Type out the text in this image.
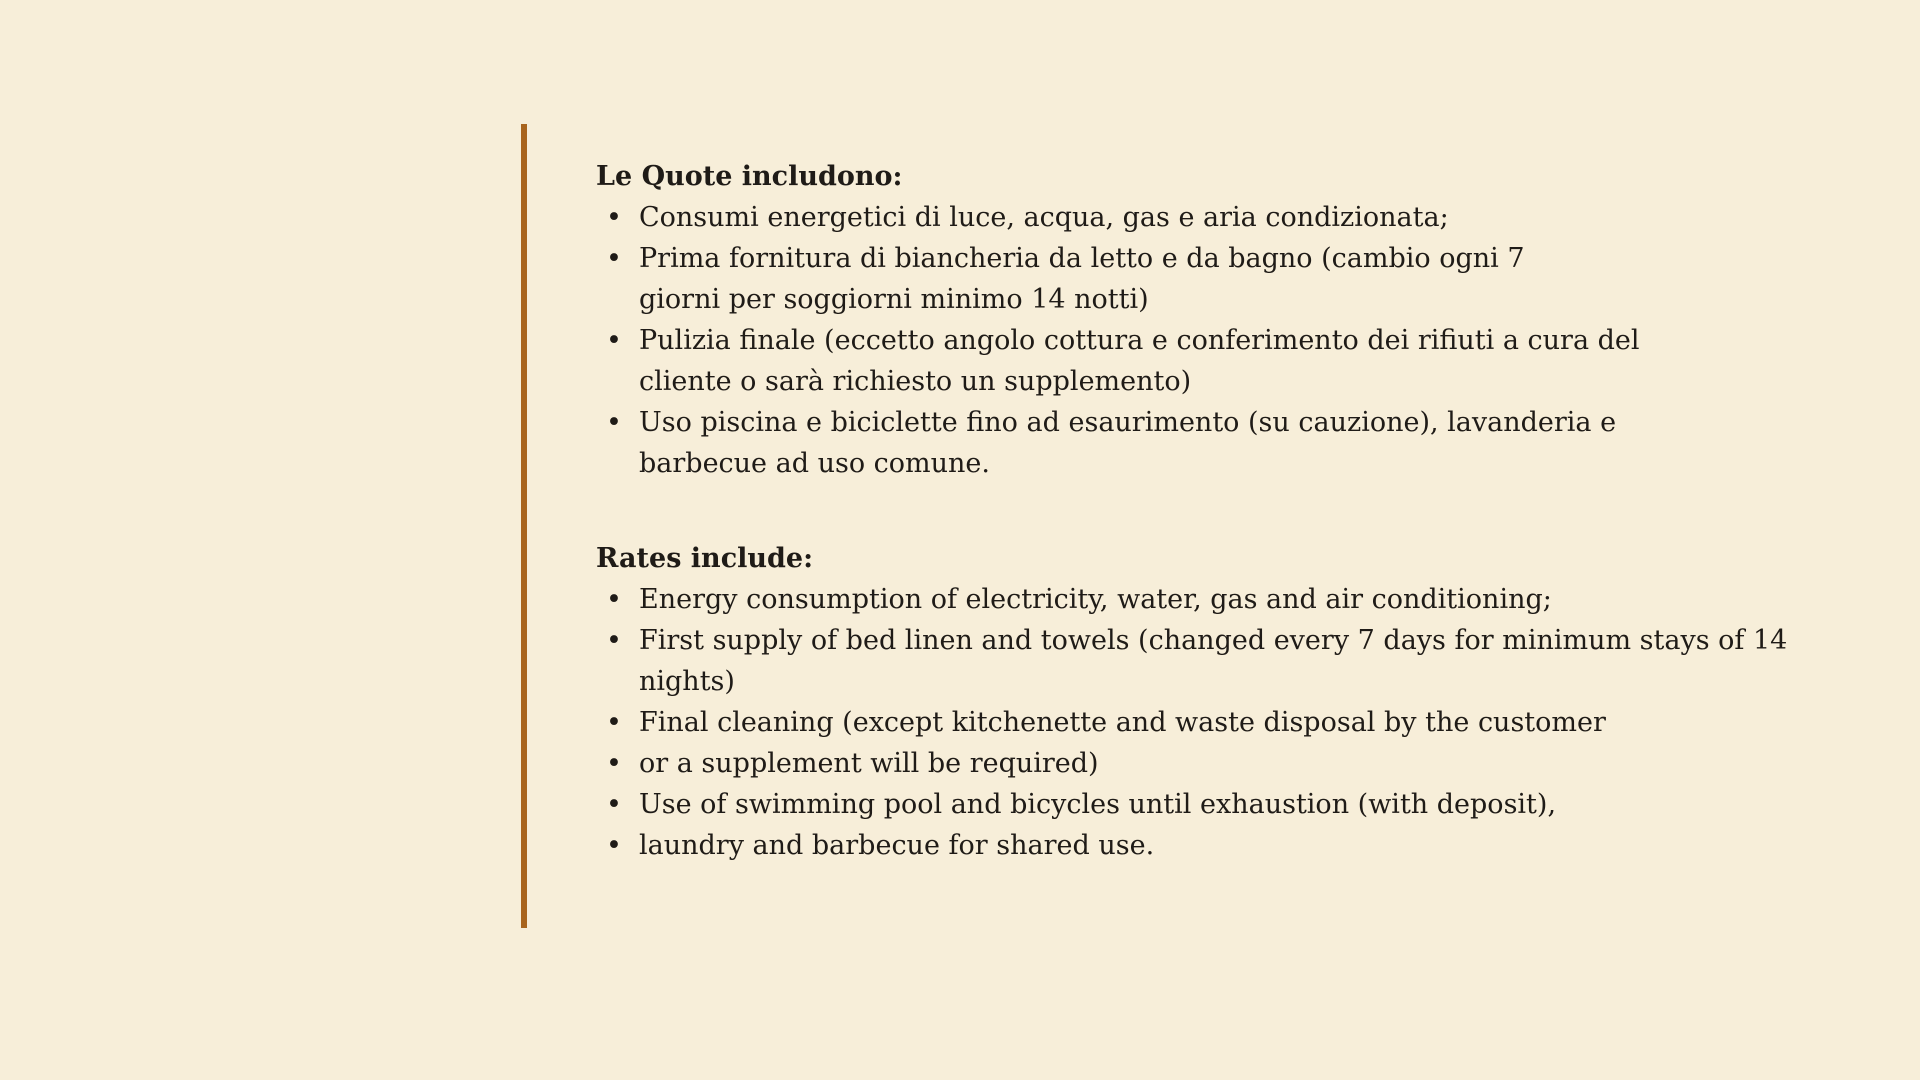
Le Quote includono:

• Consumi energetici di luce, acqua, gas e aria condizionata;
• Prima fornitura di biancheria da letto e da bagno (cambio ogni 7 giorni per soggiorni minimo 14 notti)
• Pulizia finale (eccetto angolo cottura e conferimento dei rifiuti a cura del cliente o sarà richiesto un supplemento)
• Uso piscina e biciclette fino ad esaurimento (su cauzione), lavanderia e barbecue ad uso comune.

Rates include:

• Energy consumption of electricity, water, gas and air conditioning;
• First supply of bed linen and towels (changed every 7 days for minimum stays of 14 nights)
• Final cleaning (except kitchenette and waste disposal by the customer
• or a supplement will be required)
• Use of swimming pool and bicycles until exhaustion (with deposit),
• laundry and barbecue for shared use.
